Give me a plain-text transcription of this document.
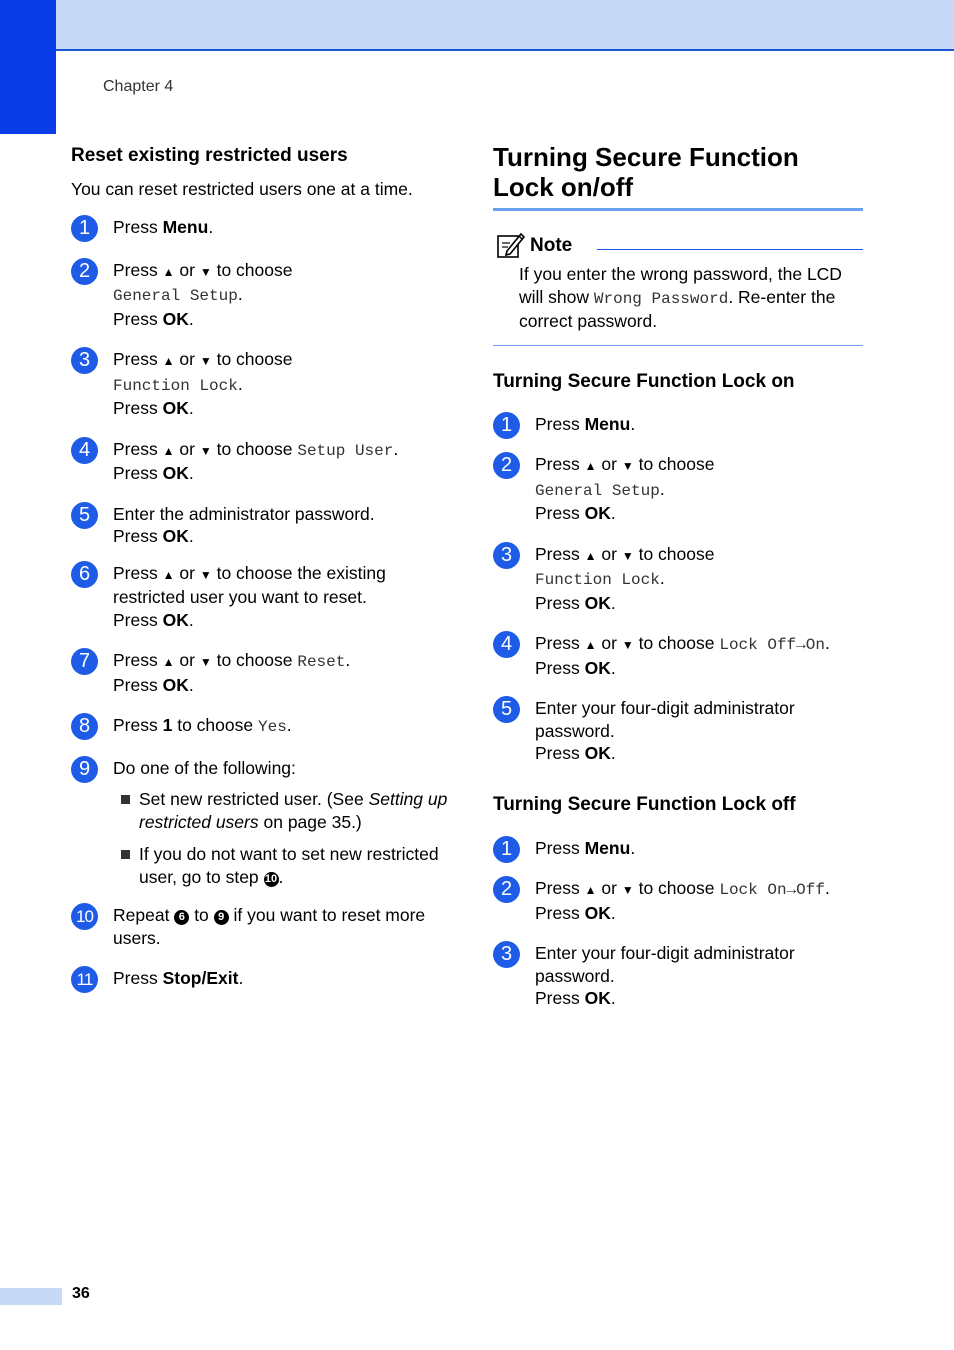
Chapter 4
Reset existing restricted users
You can reset restricted users one at a time.
1	Press Menu.
2	Press ▲ or ▼ to choose
General Setup.
Press OK.
3	Press ▲ or ▼ to choose
Function Lock.
Press OK.
4	Press ▲ or ▼ to choose Setup User.
Press OK.
5	Enter the administrator password.
Press OK.
6	Press ▲ or ▼ to choose the existing restricted user you want to reset.
Press OK.
7	Press ▲ or ▼ to choose Reset.
Press OK.
8	Press 1 to choose Yes.
9	Do one of the following:
Set new restricted user. (See Setting up restricted users on page 35.)
If you do not want to set new restricted user, go to step 10.
10 Repeat 6 to 9 if you want to reset more users.
11	Press Stop/Exit.
Turning Secure Function
Lock on/off
Note
If you enter the wrong password, the LCD will show Wrong Password. Re-enter the correct password.
Turning Secure Function Lock on
1	Press Menu.
2	Press ▲ or ▼ to choose
General Setup.
Press OK.
3	Press ▲ or ▼ to choose
Function Lock.
Press OK.
4	Press ▲ or ▼ to choose Lock Off→On.
Press OK.
5	Enter your four-digit administrator password.
Press OK.
Turning Secure Function Lock off
1	Press Menu.
2	Press ▲ or ▼ to choose Lock On→Off.
Press OK.
3	Enter your four-digit administrator password.
Press OK.
36
